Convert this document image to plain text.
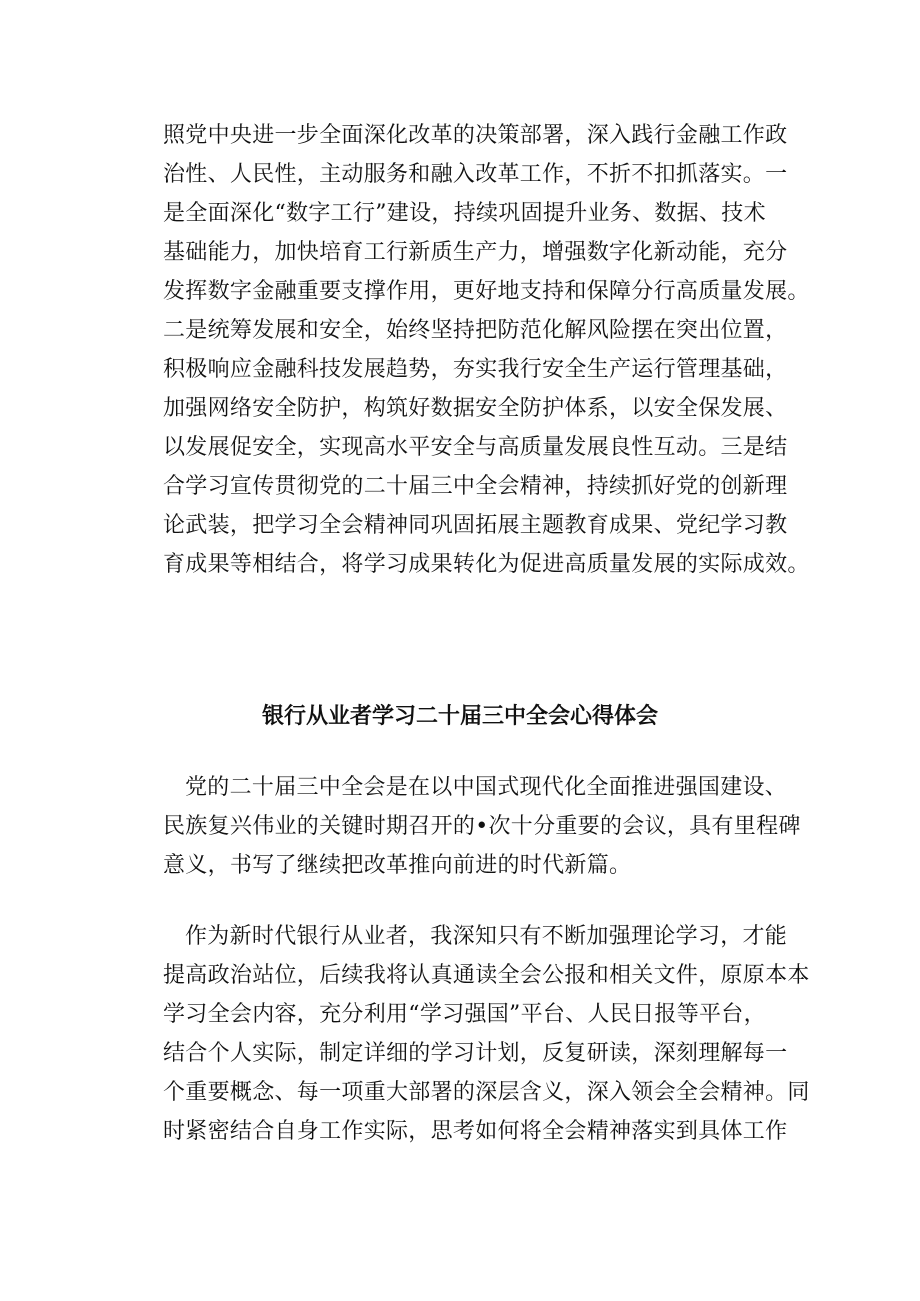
照党中央进一步全面深化改革的决策部署，深入践行金融工作政
治性、人民性，主动服务和融入改革工作，不折不扣抓落实。一
是全面深化“数字工行”建设，持续巩固提升业务、数据、技术
基础能力，加快培育工行新质生产力，增强数字化新动能，充分
发挥数字金融重要支撑作用，更好地支持和保障分行高质量发展。
二是统筹发展和安全，始终坚持把防范化解风险摆在突出位置，
积极响应金融科技发展趋势，夯实我行安全生产运行管理基础，
加强网络安全防护，构筑好数据安全防护体系，以安全保发展、
以发展促安全，实现高水平安全与高质量发展良性互动。三是结
合学习宣传贯彻党的二十届三中全会精神，持续抓好党的创新理
论武装，把学习全会精神同巩固拓展主题教育成果、党纪学习教
育成果等相结合，将学习成果转化为促进高质量发展的实际成效。
银行从业者学习二十届三中全会心得体会
党的二十届三中全会是在以中国式现代化全面推进强国建设、
民族复兴伟业的关键时期召开的•次十分重要的会议，具有里程碑
意义，书写了继续把改革推向前进的时代新篇。
作为新时代银行从业者，我深知只有不断加强理论学习，才能
提高政治站位，后续我将认真通读全会公报和相关文件，原原本本
学习全会内容，充分利用“学习强国”平台、人民日报等平台，
结合个人实际，制定详细的学习计划，反复研读，深刻理解每一
个重要概念、每一项重大部署的深层含义，深入领会全会精神。同
时紧密结合自身工作实际，思考如何将全会精神落实到具体工作
